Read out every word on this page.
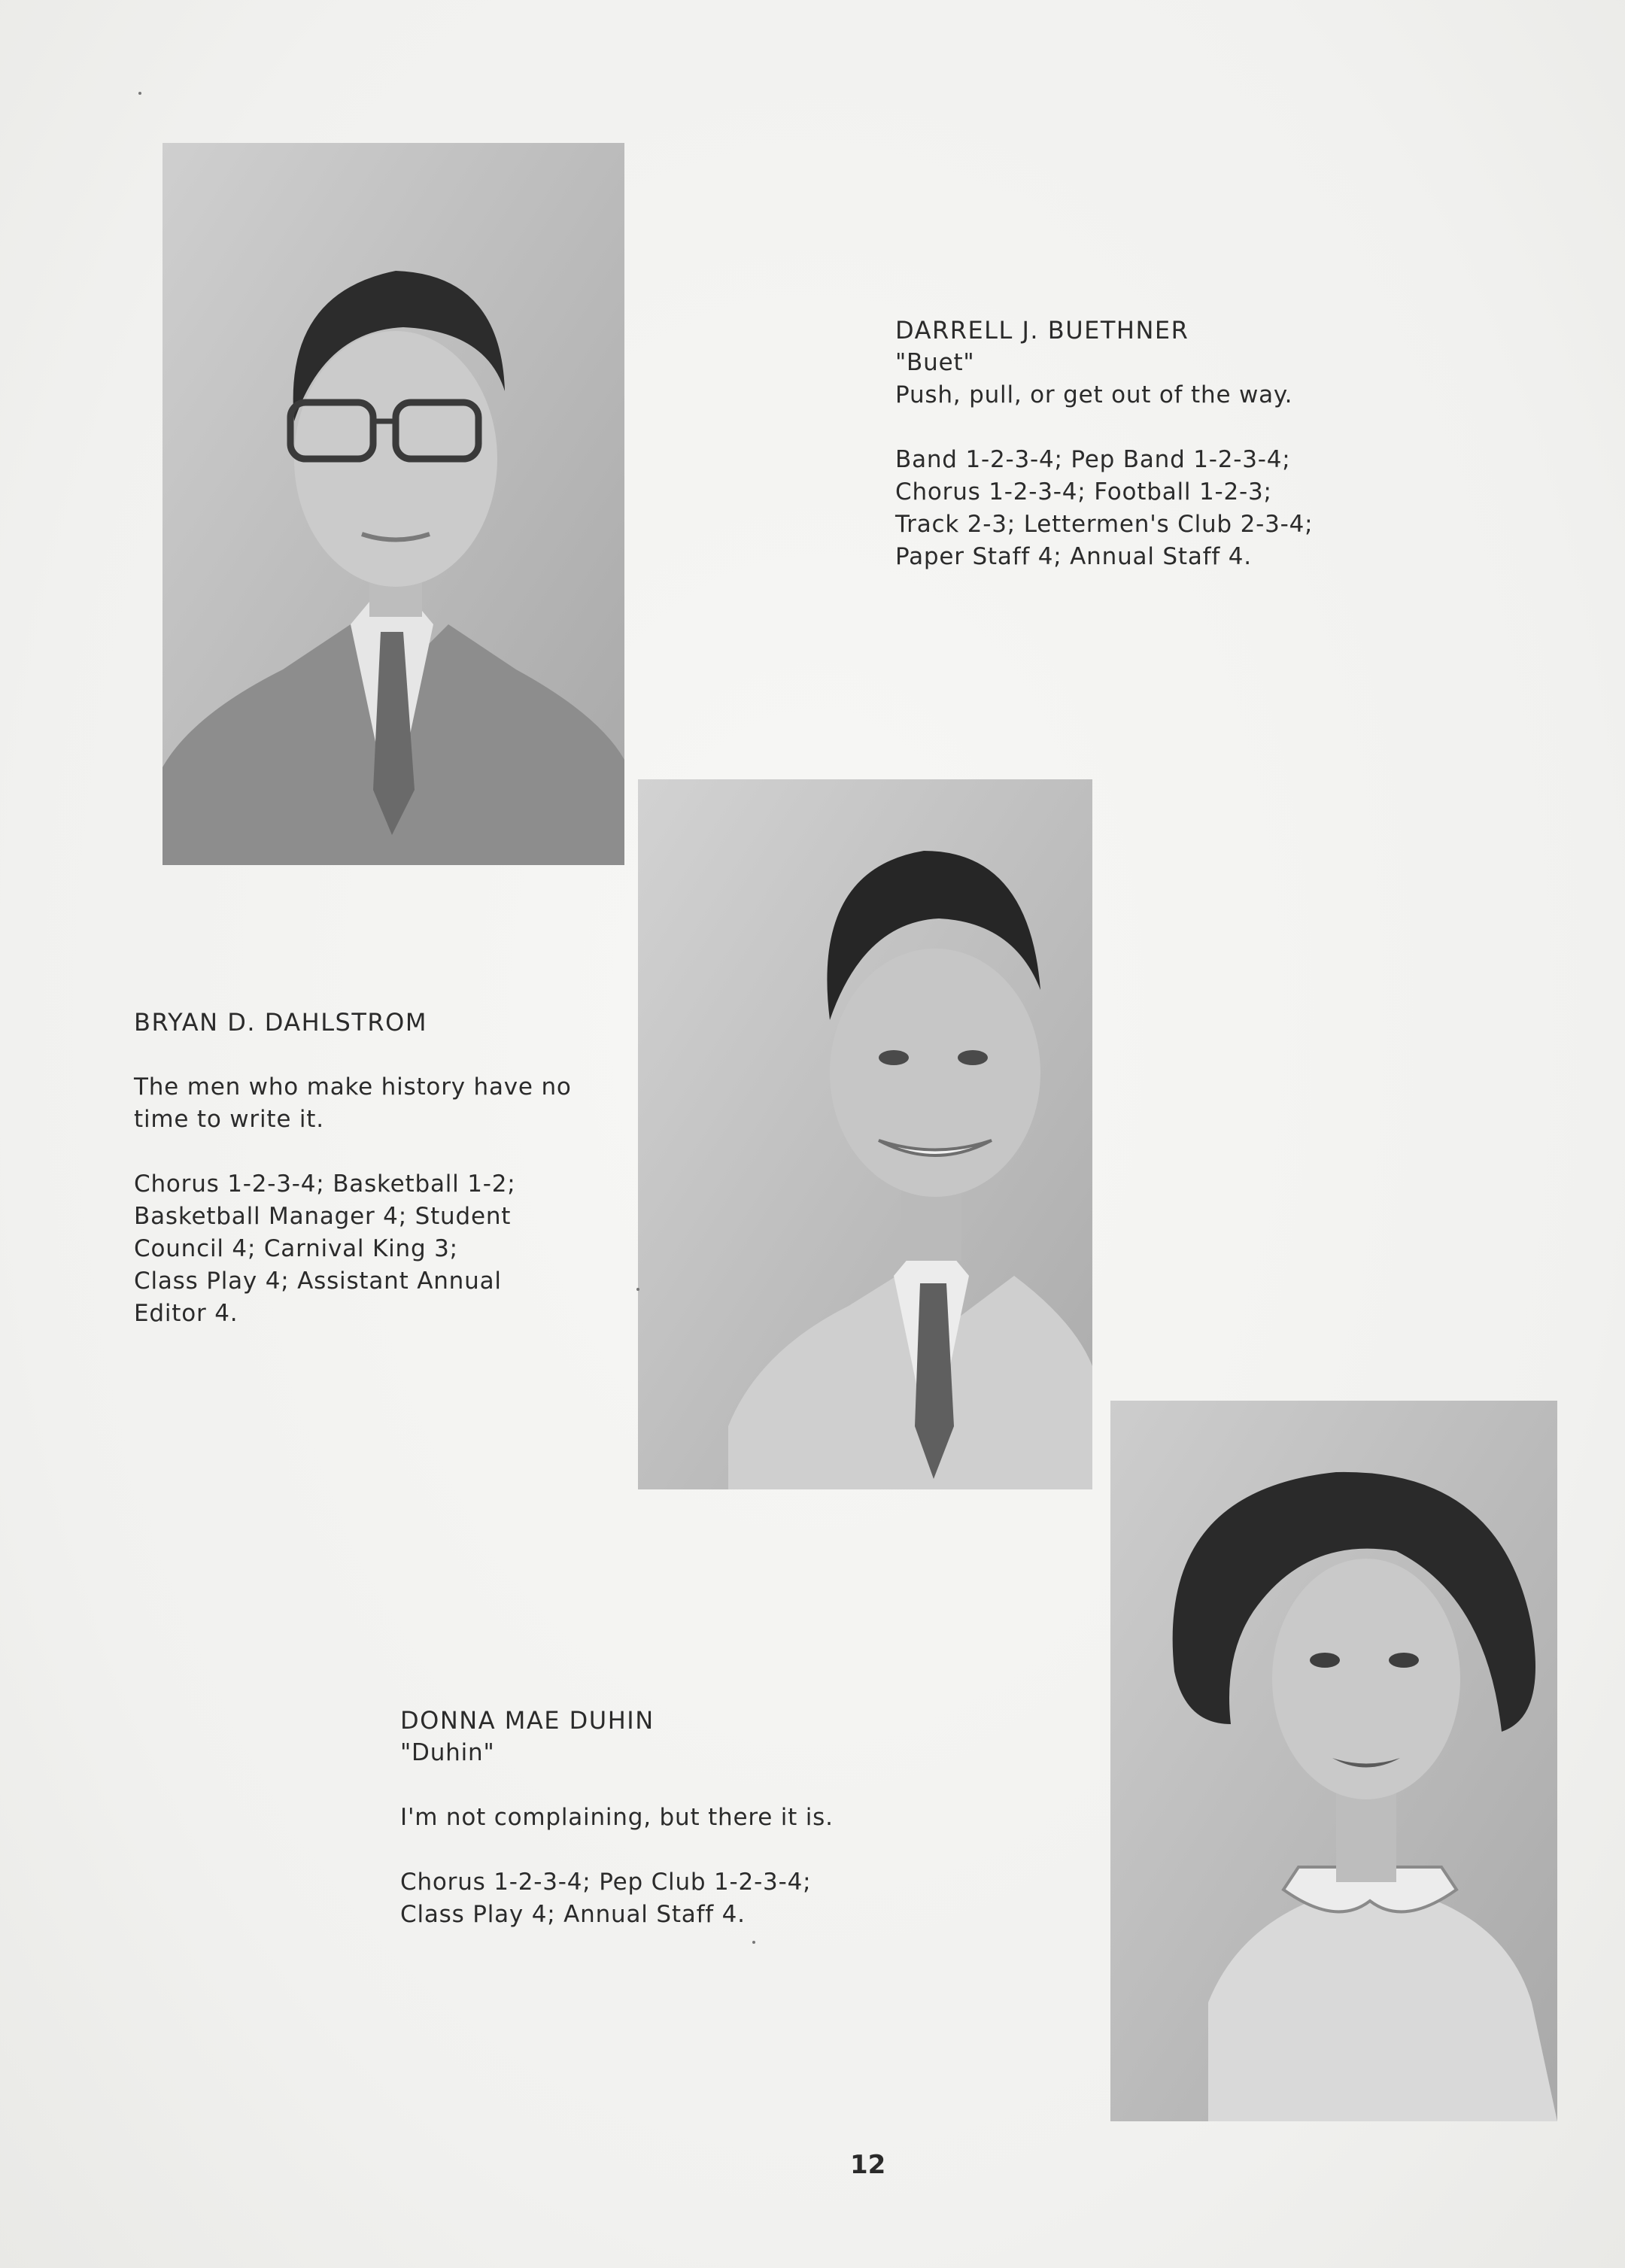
DARRELL J. BUETHNER
"Buet"
Push, pull, or get out of the way.
Band 1-2-3-4; Pep Band 1-2-3-4;
Chorus 1-2-3-4; Football 1-2-3;
Track 2-3; Lettermen's Club 2-3-4;
Paper Staff 4; Annual Staff 4.
BRYAN D. DAHLSTROM
The men who make history have no
time to write it.
Chorus 1-2-3-4; Basketball 1-2;
Basketball Manager 4; Student
Council 4; Carnival King 3;
Class Play 4; Assistant Annual
Editor 4.
DONNA MAE DUHIN
"Duhin"
I'm not complaining, but there it is.
Chorus 1-2-3-4; Pep Club 1-2-3-4;
Class Play 4; Annual Staff 4.
12
